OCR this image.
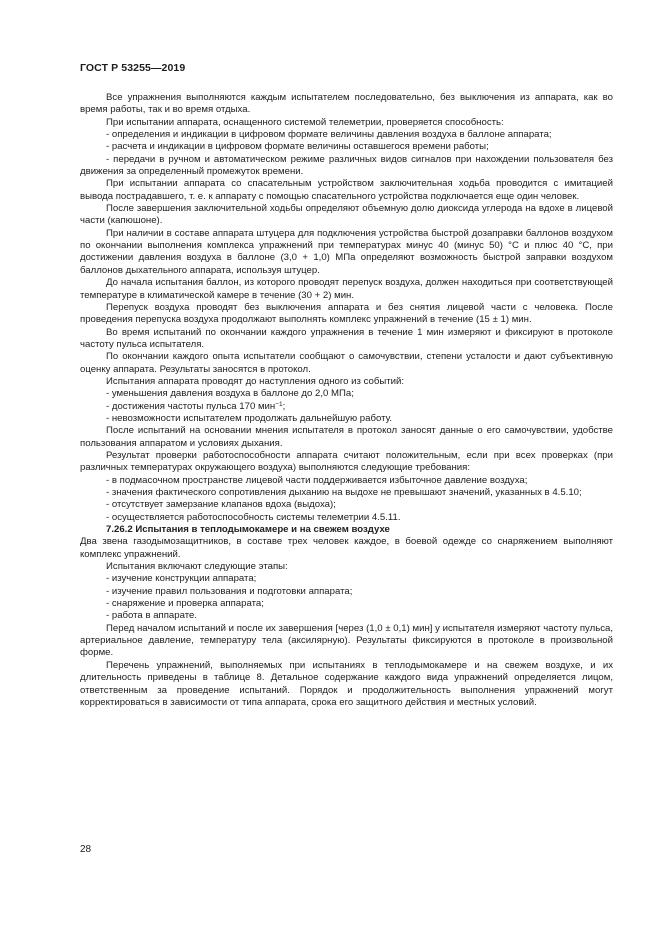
ГОСТ Р 53255—2019

Все упражнения выполняются каждым испытателем последовательно, без выключения из аппарата, как во время работы, так и во время отдыха.

При испытании аппарата, оснащенного системой телеметрии, проверяется способность:

- определения и индикации в цифровом формате величины давления воздуха в баллоне аппарата;

- расчета и индикации в цифровом формате величины оставшегося времени работы;

- передачи в ручном и автоматическом режиме различных видов сигналов при нахождении пользователя без движения за определенный промежуток времени.

При испытании аппарата со спасательным устройством заключительная ходьба проводится с имитацией вывода пострадавшего, т. е. к аппарату с помощью спасательного устройства подключается еще один человек.

После завершения заключительной ходьбы определяют объемную долю диоксида углерода на вдохе в лицевой части (капюшоне).

При наличии в составе аппарата штуцера для подключения устройства быстрой дозаправки баллонов воздухом по окончании выполнения комплекса упражнений при температурах минус 40 (минус 50) °С и плюс 40 °С, при достижении давления воздуха в баллоне (3,0 + 1,0) МПа определяют возможность быстрой заправки воздухом баллонов дыхательного аппарата, используя штуцер.

До начала испытания баллон, из которого проводят перепуск воздуха, должен находиться при соответствующей температуре в климатической камере в течение (30 + 2) мин.

Перепуск воздуха проводят без выключения аппарата и без снятия лицевой части с человека. После проведения перепуска воздуха продолжают выполнять комплекс упражнений в течение (15 ± 1) мин.

Во время испытаний по окончании каждого упражнения в течение 1 мин измеряют и фиксируют в протоколе частоту пульса испытателя.

По окончании каждого опыта испытатели сообщают о самочувствии, степени усталости и дают субъективную оценку аппарата. Результаты заносятся в протокол.

Испытания аппарата проводят до наступления одного из событий:

- уменьшения давления воздуха в баллоне до 2,0 МПа;

- достижения частоты пульса 170 мин$^{-1}$;

- невозможности испытателем продолжать дальнейшую работу.

После испытаний на основании мнения испытателя в протокол заносят данные о его самочувствии, удобстве пользования аппаратом и условиях дыхания.

Результат проверки работоспособности аппарата считают положительным, если при всех проверках (при различных температурах окружающего воздуха) выполняются следующие требования:

- в подмасочном пространстве лицевой части поддерживается избыточное давление воздуха;

- значения фактического сопротивления дыханию на выдохе не превышают значений, указанных в 4.5.10;

- отсутствует замерзание клапанов вдоха (выдоха);

- осуществляется работоспособность системы телеметрии 4.5.11.

7.26.2 Испытания в теплодымокамере и на свежем воздухе

Два звена газодымозащитников, в составе трех человек каждое, в боевой одежде со снаряжением выполняют комплекс упражнений.

Испытания включают следующие этапы:

- изучение конструкции аппарата;

- изучение правил пользования и подготовки аппарата;

- снаряжение и проверка аппарата;

- работа в аппарате.

Перед началом испытаний и после их завершения [через (1,0 ± 0,1) мин] у испытателя измеряют частоту пульса, артериальное давление, температуру тела (аксилярную). Результаты фиксируются в протоколе в произвольной форме.

Перечень упражнений, выполняемых при испытаниях в теплодымокамере и на свежем воздухе, и их длительность приведены в таблице 8. Детальное содержание каждого вида упражнений определяется лицом, ответственным за проведение испытаний. Порядок и продолжительность выполнения упражнений могут корректироваться в зависимости от типа аппарата, срока его защитного действия и местных условий.

28
